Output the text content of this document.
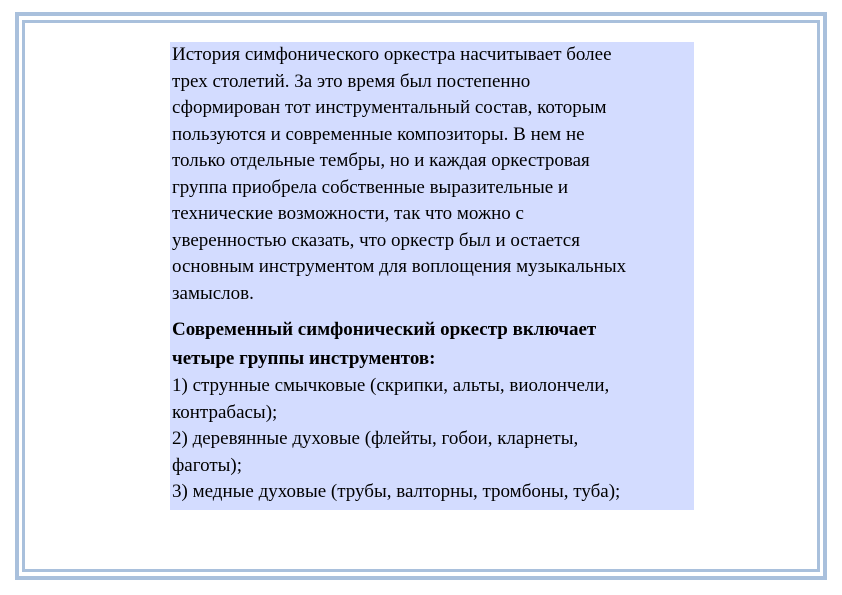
История симфонического оркестра насчитывает более
трех столетий. За это время был постепенно
сформирован тот инструментальный состав, которым
пользуются и современные композиторы. В нем не
только отдельные тембры, но и каждая оркестровая
группа приобрела собственные выразительные и
технические возможности, так что можно с
уверенностью сказать, что оркестр был и остается
основным инструментом для воплощения музыкальных
замыслов.

Современный симфонический оркестр включает
четыре группы инструментов:

1) струнные смычковые (скрипки, альты, виолончели,
контрабасы);
2) деревянные духовые (флейты, гобои, кларнеты,
фаготы);
3) медные духовые (трубы, валторны, тромбоны, туба);
